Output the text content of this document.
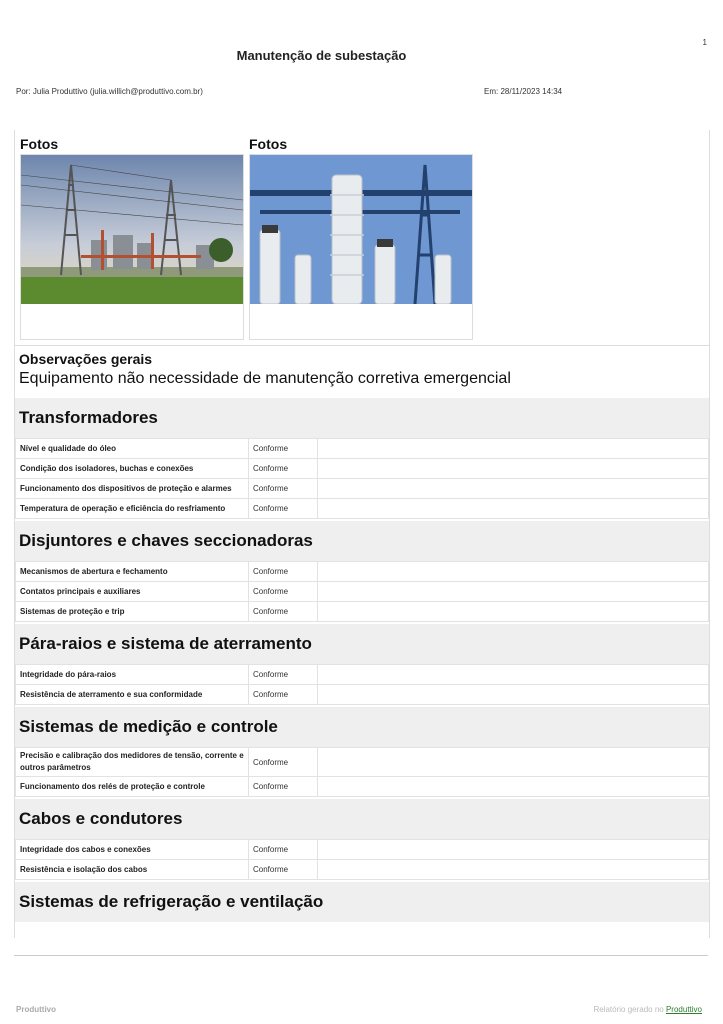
1
Manutenção de subestação
Por: Julia Produttivo (julia.willich@produttivo.com.br)	Em: 28/11/2023 14:34
Fotos	Fotos
Observações gerais
Equipamento não necessidade de manutenção corretiva emergencial
Transformadores
Nível e qualidade do óleo	Conforme	
Condição dos isoladores, buchas e conexões	Conforme	
Funcionamento dos dispositivos de proteção e alarmes	Conforme	
Temperatura de operação e eficiência do resfriamento	Conforme	
Disjuntores e chaves seccionadoras
Mecanismos de abertura e fechamento	Conforme	
Contatos principais e auxiliares	Conforme	
Sistemas de proteção e trip	Conforme	
Pára-raios e sistema de aterramento
Integridade do pára-raios	Conforme	
Resistência de aterramento e sua conformidade	Conforme	
Sistemas de medição e controle
Precisão e calibração dos medidores de tensão, corrente e outros parâmetros	Conforme	
Funcionamento dos relés de proteção e controle	Conforme	
Cabos e condutores
Integridade dos cabos e conexões	Conforme	
Resistência e isolação dos cabos	Conforme	
Sistemas de refrigeração e ventilação
Produttivo	Relatório gerado no Produttivo
